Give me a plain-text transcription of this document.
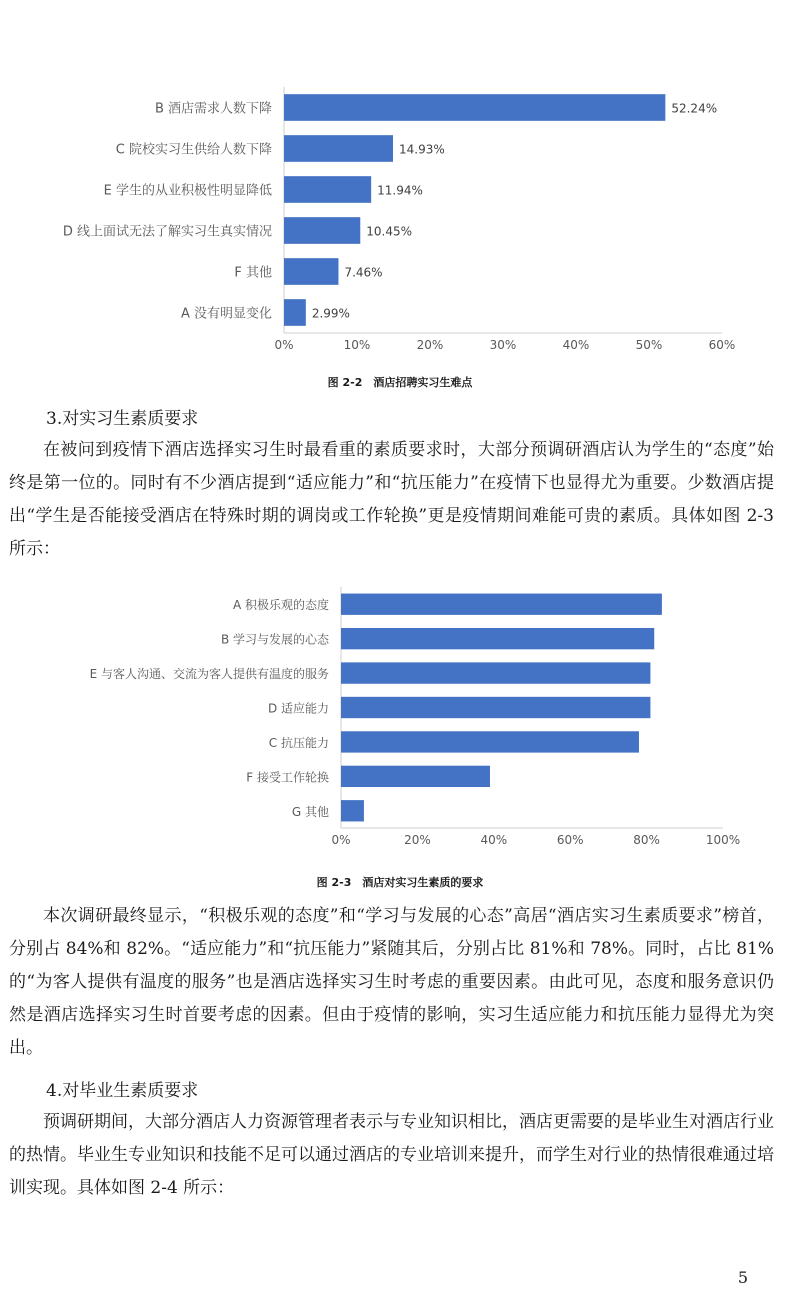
0%	10%	20%	30%	40%	50%	60%
B 酒店需求人数下降	52.24%
C 院校实习生供给人数下降	14.93%
E 学生的从业积极性明显降低	11.94%
D 线上面试无法了解实习生真实情况	10.45%
F 其他	7.46%
A 没有明显变化	2.99%
图 2-2　酒店招聘实习生难点
3.对实习生素质要求
在被问到疫情下酒店选择实习生时最看重的素质要求时，大部分预调研酒店认为学生的“态度”始终是第一位的。同时有不少酒店提到“适应能力”和“抗压能力”在疫情下也显得尤为重要。少数酒店提出“学生是否能接受酒店在特殊时期的调岗或工作轮换”更是疫情期间难能可贵的素质。具体如图 2-3 所示：
0%	20%	40%	60%	80%	100%
A 积极乐观的态度
B 学习与发展的心态
E 与客人沟通、交流为客人提供有温度的服务
D 适应能力
C 抗压能力
F 接受工作轮换
G 其他
图 2-3　酒店对实习生素质的要求
本次调研最终显示，“积极乐观的态度”和“学习与发展的心态”高居“酒店实习生素质要求”榜首，分别占 84%和 82%。“适应能力”和“抗压能力”紧随其后，分别占比 81%和 78%。同时，占比 81% 的“为客人提供有温度的服务”也是酒店选择实习生时考虑的重要因素。由此可见，态度和服务意识仍然是酒店选择实习生时首要考虑的因素。但由于疫情的影响，实习生适应能力和抗压能力显得尤为突出。
4.对毕业生素质要求
预调研期间，大部分酒店人力资源管理者表示与专业知识相比，酒店更需要的是毕业生对酒店行业的热情。毕业生专业知识和技能不足可以通过酒店的专业培训来提升，而学生对行业的热情很难通过培训实现。具体如图 2-4 所示：
5
